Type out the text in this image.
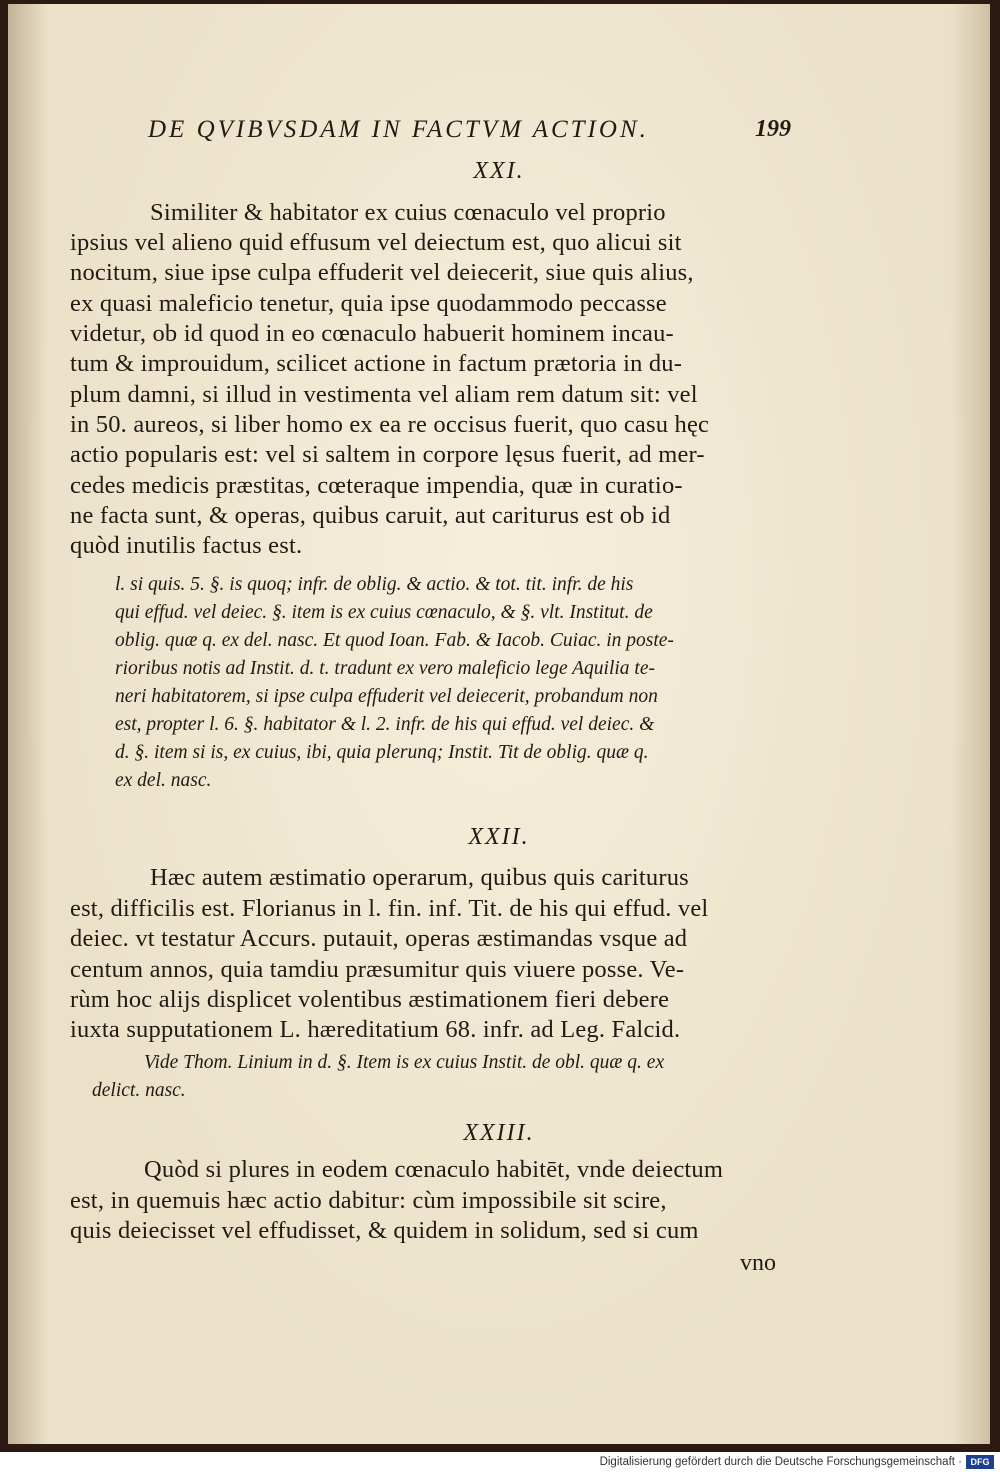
DE QVIBVSDAM IN FACTVM ACTION.	199
XXI.
Similiter & habitator ex cuius cœnaculo vel proprio
ipsius vel alieno quid effusum vel deiectum est, quo alicui sit
nocitum, siue ipse culpa effuderit vel deiecerit, siue quis alius,
ex quasi maleficio tenetur, quia ipse quodammodo peccasse
videtur, ob id quod in eo cœnaculo habuerit hominem incau-
tum & improuidum, scilicet actione in factum prætoria in du-
plum damni, si illud in vestimenta vel aliam rem datum sit: vel
in 50. aureos, si liber homo ex ea re occisus fuerit, quo casu hęc
actio popularis est: vel si saltem in corpore lęsus fuerit, ad mer-
cedes medicis præstitas, cœteraque impendia, quæ in curatio-
ne facta sunt, & operas, quibus caruit, aut cariturus est ob id
quòd inutilis factus est.
l. si quis. 5. §. is quoq; infr. de oblig. & actio. & tot. tit. infr. de his
qui effud. vel deiec. §. item is ex cuius cœnaculo, & §. vlt. Institut. de
oblig. quæ q. ex del. nasc. Et quod Ioan. Fab. & Iacob. Cuiac. in poste-
rioribus notis ad Instit. d. t. tradunt ex vero maleficio lege Aquilia te-
neri habitatorem, si ipse culpa effuderit vel deiecerit, probandum non
est, propter l. 6. §. habitator & l. 2. infr. de his qui effud. vel deiec. &
d. §. item si is, ex cuius, ibi, quia plerunq; Instit. Tit de oblig. quæ q.
ex del. nasc.
XXII.
Hæc autem æstimatio operarum, quibus quis cariturus
est, difficilis est. Florianus in l. fin. inf. Tit. de his qui effud. vel
deiec. vt testatur Accurs. putauit, operas æstimandas vsque ad
centum annos, quia tamdiu præsumitur quis viuere posse. Ve-
rùm hoc alijs displicet volentibus æstimationem fieri debere
iuxta supputationem L. hæreditatium 68. infr. ad Leg. Falcid.
Vide Thom. Linium in d. §. Item is ex cuius Instit. de obl. quæ q. ex
delict. nasc.
XXIII.
Quòd si plures in eodem cœnaculo habitēt, vnde deiectum
est, in quemuis hæc actio dabitur: cùm impossibile sit scire,
quis deiecisset vel effudisset, & quidem in solidum, sed si cum
vno
Digitalisierung gefördert durch die Deutsche Forschungsgemeinschaft · DFG
